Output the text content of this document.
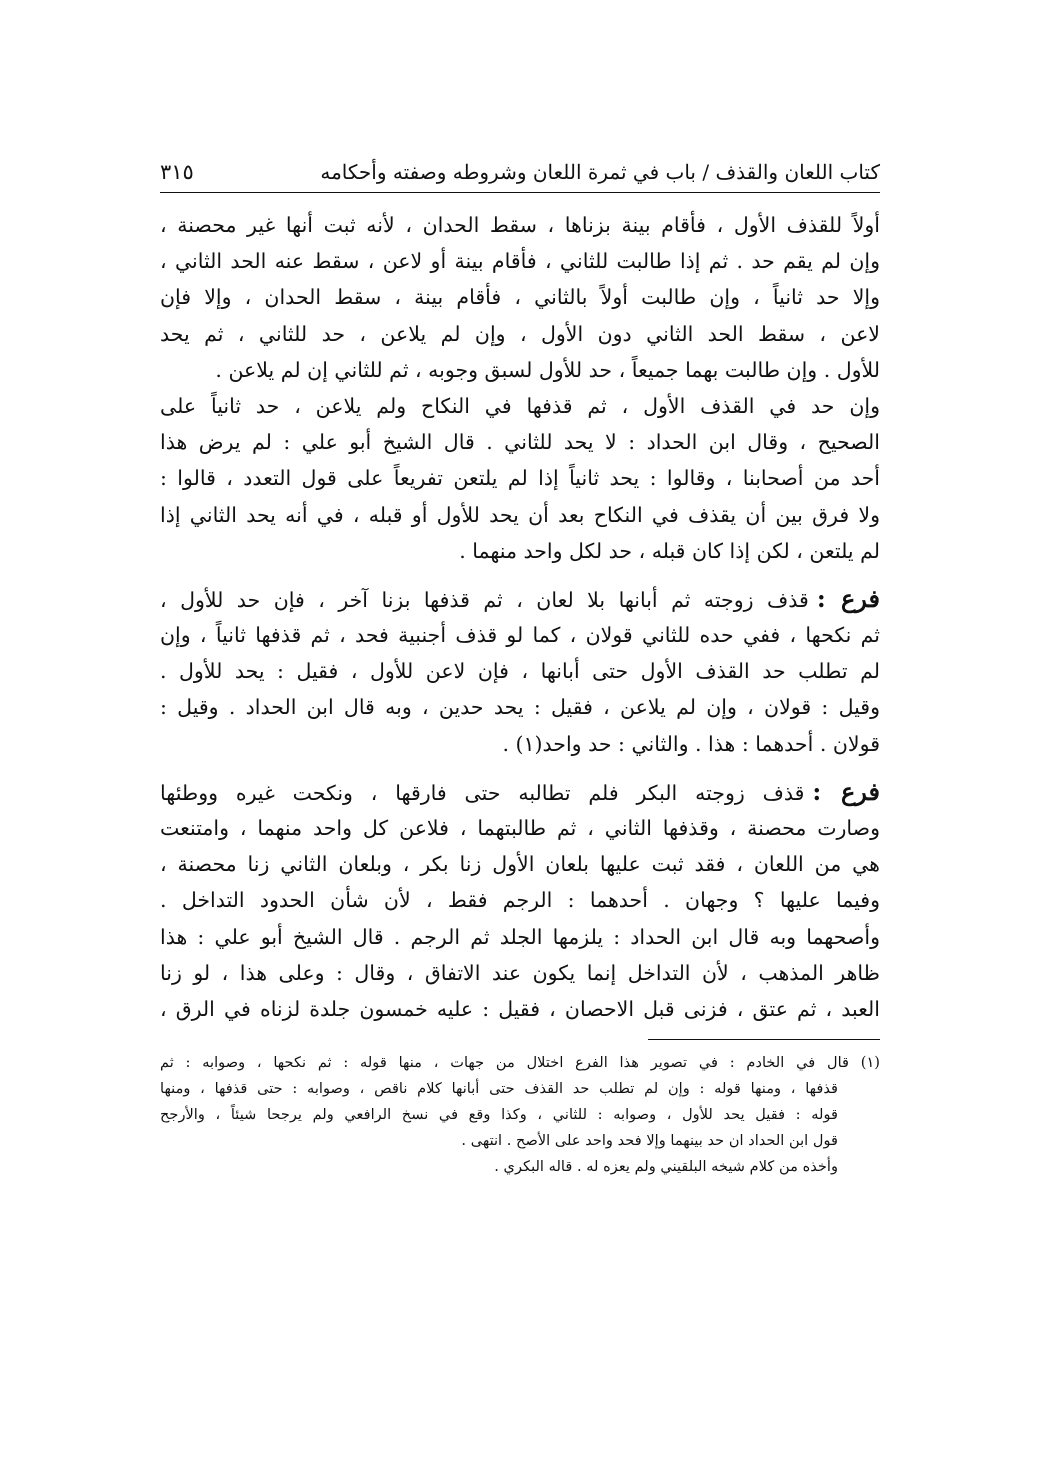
كتاب اللعان والقذف / باب في ثمرة اللعان وشروطه وصفته وأحكامه
٣١٥
أولاً للقذف الأول ، فأقام بينة بزناها ، سقط الحدان ، لأنه ثبت أنها غير محصنة ،
وإن لم يقم حد . ثم إذا طالبت للثاني ، فأقام بينة أو لاعن ، سقط عنه الحد الثاني ،
وإلا حد ثانياً ، وإن طالبت أولاً بالثاني ، فأقام بينة ، سقط الحدان ، وإلا فإن
لاعن ، سقط الحد الثاني دون الأول ، وإن لم يلاعن ، حد للثاني ، ثم يحد
للأول . وإن طالبت بهما جميعاً ، حد للأول لسبق وجوبه ، ثم للثاني إن لم يلاعن .
وإن حد في القذف الأول ، ثم قذفها في النكاح ولم يلاعن ، حد ثانياً على
الصحيح ، وقال ابن الحداد : لا يحد للثاني . قال الشيخ أبو علي : لم يرض هذا
أحد من أصحابنا ، وقالوا : يحد ثانياً إذا لم يلتعن تفريعاً على قول التعدد ، قالوا :
ولا فرق بين أن يقذف في النكاح بعد أن يحد للأول أو قبله ، في أنه يحد الثاني إذا
لم يلتعن ، لكن إذا كان قبله ، حد لكل واحد منهما .
فرع :قذف زوجته ثم أبانها بلا لعان ، ثم قذفها بزنا آخر ، فإن حد للأول ،
ثم نكحها ، ففي حده للثاني قولان ، كما لو قذف أجنبية فحد ، ثم قذفها ثانياً ، وإن
لم تطلب حد القذف الأول حتى أبانها ، فإن لاعن للأول ، فقيل : يحد للأول .
وقيل : قولان ، وإن لم يلاعن ، فقيل : يحد حدين ، وبه قال ابن الحداد . وقيل :
قولان . أحدهما : هذا . والثاني : حد واحد(١) .
فرع :قذف زوجته البكر فلم تطالبه حتى فارقها ، ونكحت غيره ووطئها
وصارت محصنة ، وقذفها الثاني ، ثم طالبتهما ، فلاعن كل واحد منهما ، وامتنعت
هي من اللعان ، فقد ثبت عليها بلعان الأول زنا بكر ، وبلعان الثاني زنا محصنة ،
وفيما عليها ؟ وجهان . أحدهما : الرجم فقط ، لأن شأن الحدود التداخل .
وأصحهما وبه قال ابن الحداد : يلزمها الجلد ثم الرجم . قال الشيخ أبو علي : هذا
ظاهر المذهب ، لأن التداخل إنما يكون عند الاتفاق ، وقال : وعلى هذا ، لو زنا
العبد ، ثم عتق ، فزنى قبل الاحصان ، فقيل : عليه خمسون جلدة لزناه في الرق ،
(١) قال في الخادم : في تصوير هذا الفرع اختلال من جهات ، منها قوله : ثم نكحها ، وصوابه : ثم
قذفها ، ومنها قوله : وإن لم تطلب حد القذف حتى أبانها كلام ناقص ، وصوابه : حتى قذفها ، ومنها
قوله : فقيل يحد للأول ، وصوابه : للثاني ، وكذا وقع في نسخ الرافعي ولم يرجحا شيئاً ، والأرجح
قول ابن الحداد ان حد بينهما وإلا فحد واحد على الأصح . انتهى .
وأخذه من كلام شيخه البلقيني ولم يعزه له . قاله البكري .
